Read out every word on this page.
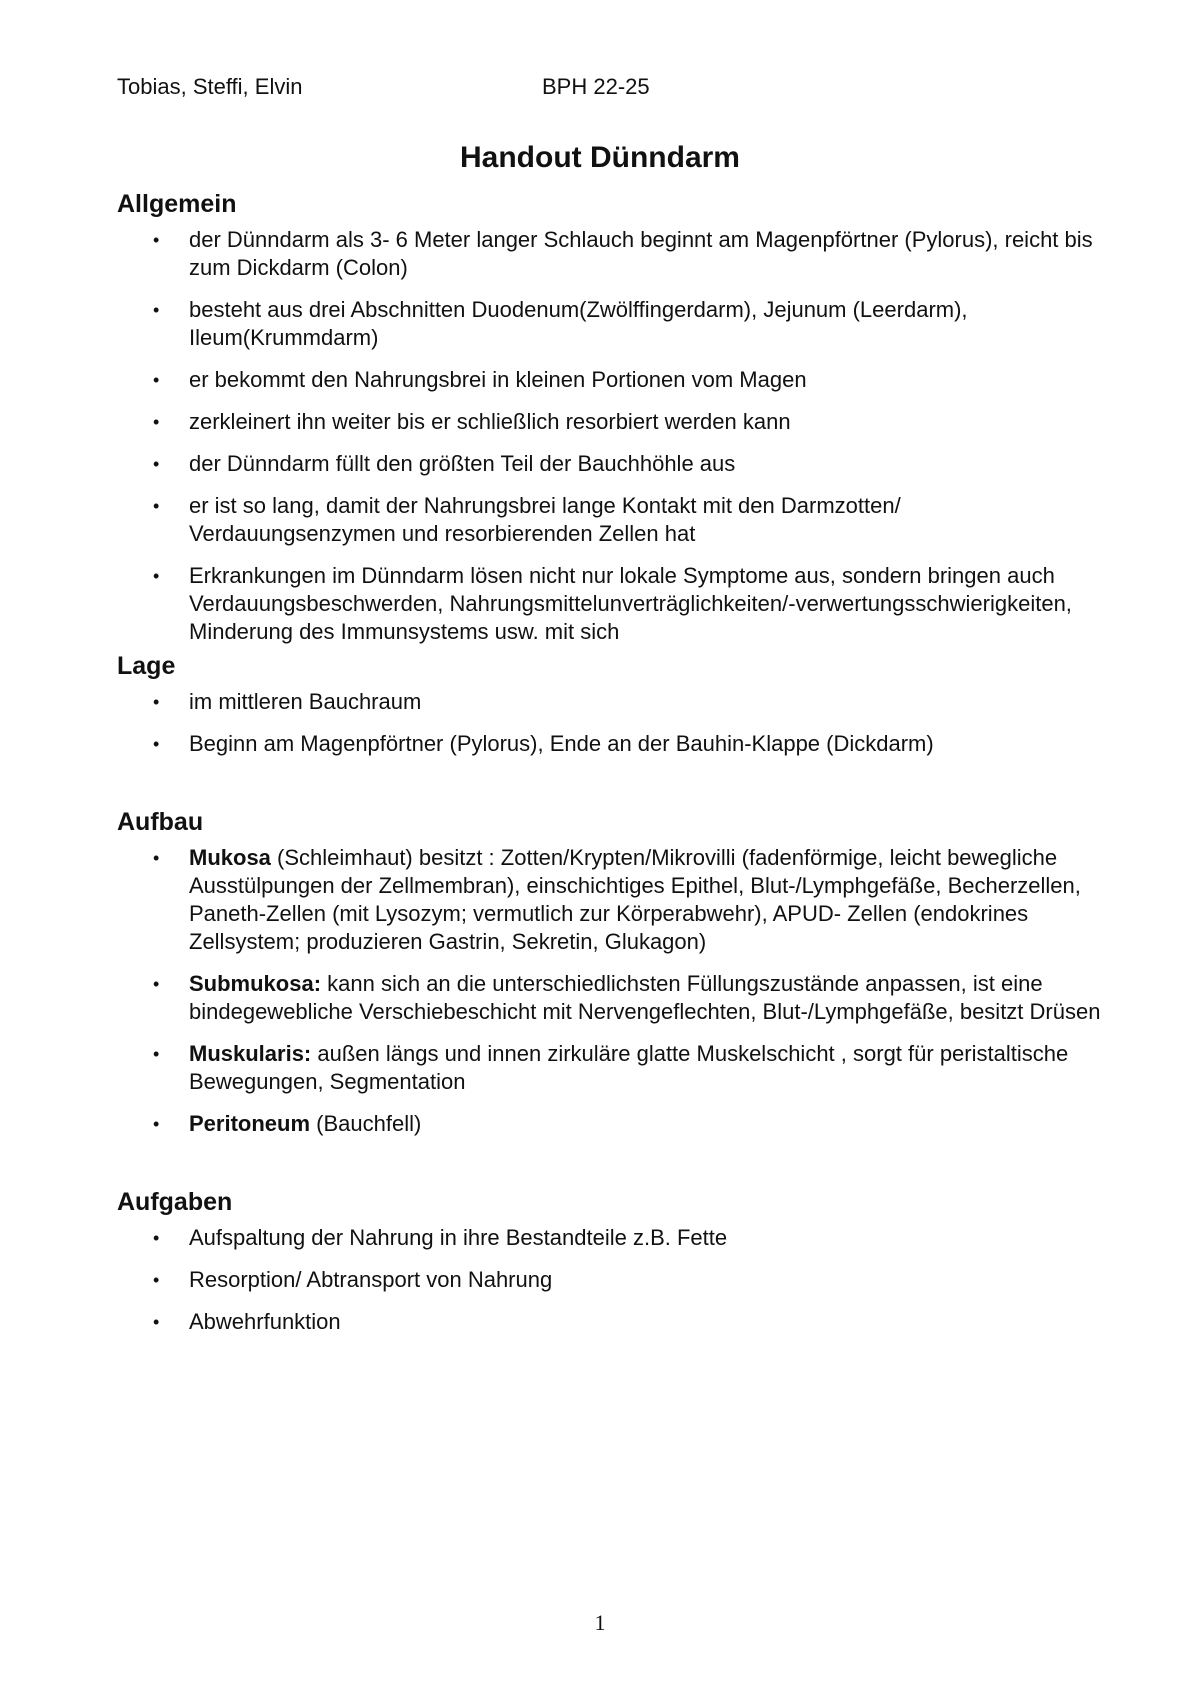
Tobias, Steffi, Elvin	BPH 22-25
Handout Dünndarm
Allgemein
• der Dünndarm als 3- 6 Meter langer Schlauch beginnt am Magenpförtner (Pylorus), reicht bis zum Dickdarm (Colon)
• besteht aus drei Abschnitten Duodenum(Zwölffingerdarm), Jejunum (Leerdarm), Ileum(Krummdarm)
• er bekommt den Nahrungsbrei in kleinen Portionen vom Magen
• zerkleinert ihn weiter bis er schließlich resorbiert werden kann
• der Dünndarm füllt den größten Teil der Bauchhöhle aus
• er ist so lang, damit der Nahrungsbrei lange Kontakt mit den Darmzotten/ Verdauungsenzymen und resorbierenden Zellen hat
• Erkrankungen im Dünndarm lösen nicht nur lokale Symptome aus, sondern bringen auch Verdauungsbeschwerden, Nahrungsmittelunverträglichkeiten/-verwertungsschwierigkeiten, Minderung des Immunsystems usw. mit sich
Lage
• im mittleren Bauchraum
• Beginn am Magenpförtner (Pylorus), Ende an der Bauhin-Klappe (Dickdarm)
Aufbau
• Mukosa (Schleimhaut) besitzt : Zotten/Krypten/Mikrovilli (fadenförmige, leicht bewegliche Ausstülpungen der Zellmembran), einschichtiges Epithel, Blut-/Lymphgefäße, Becherzellen, Paneth-Zellen (mit Lysozym; vermutlich zur Körperabwehr), APUD- Zellen (endokrines Zellsystem; produzieren Gastrin, Sekretin, Glukagon)
• Submukosa: kann sich an die unterschiedlichsten Füllungszustände anpassen, ist eine bindegewebliche Verschiebeschicht mit Nervengeflechten, Blut-/Lymphgefäße, besitzt Drüsen
• Muskularis: außen längs und innen zirkuläre glatte Muskelschicht , sorgt für peristaltische Bewegungen, Segmentation
• Peritoneum (Bauchfell)
Aufgaben
• Aufspaltung der Nahrung in ihre Bestandteile z.B. Fette
• Resorption/ Abtransport von Nahrung
• Abwehrfunktion
1
